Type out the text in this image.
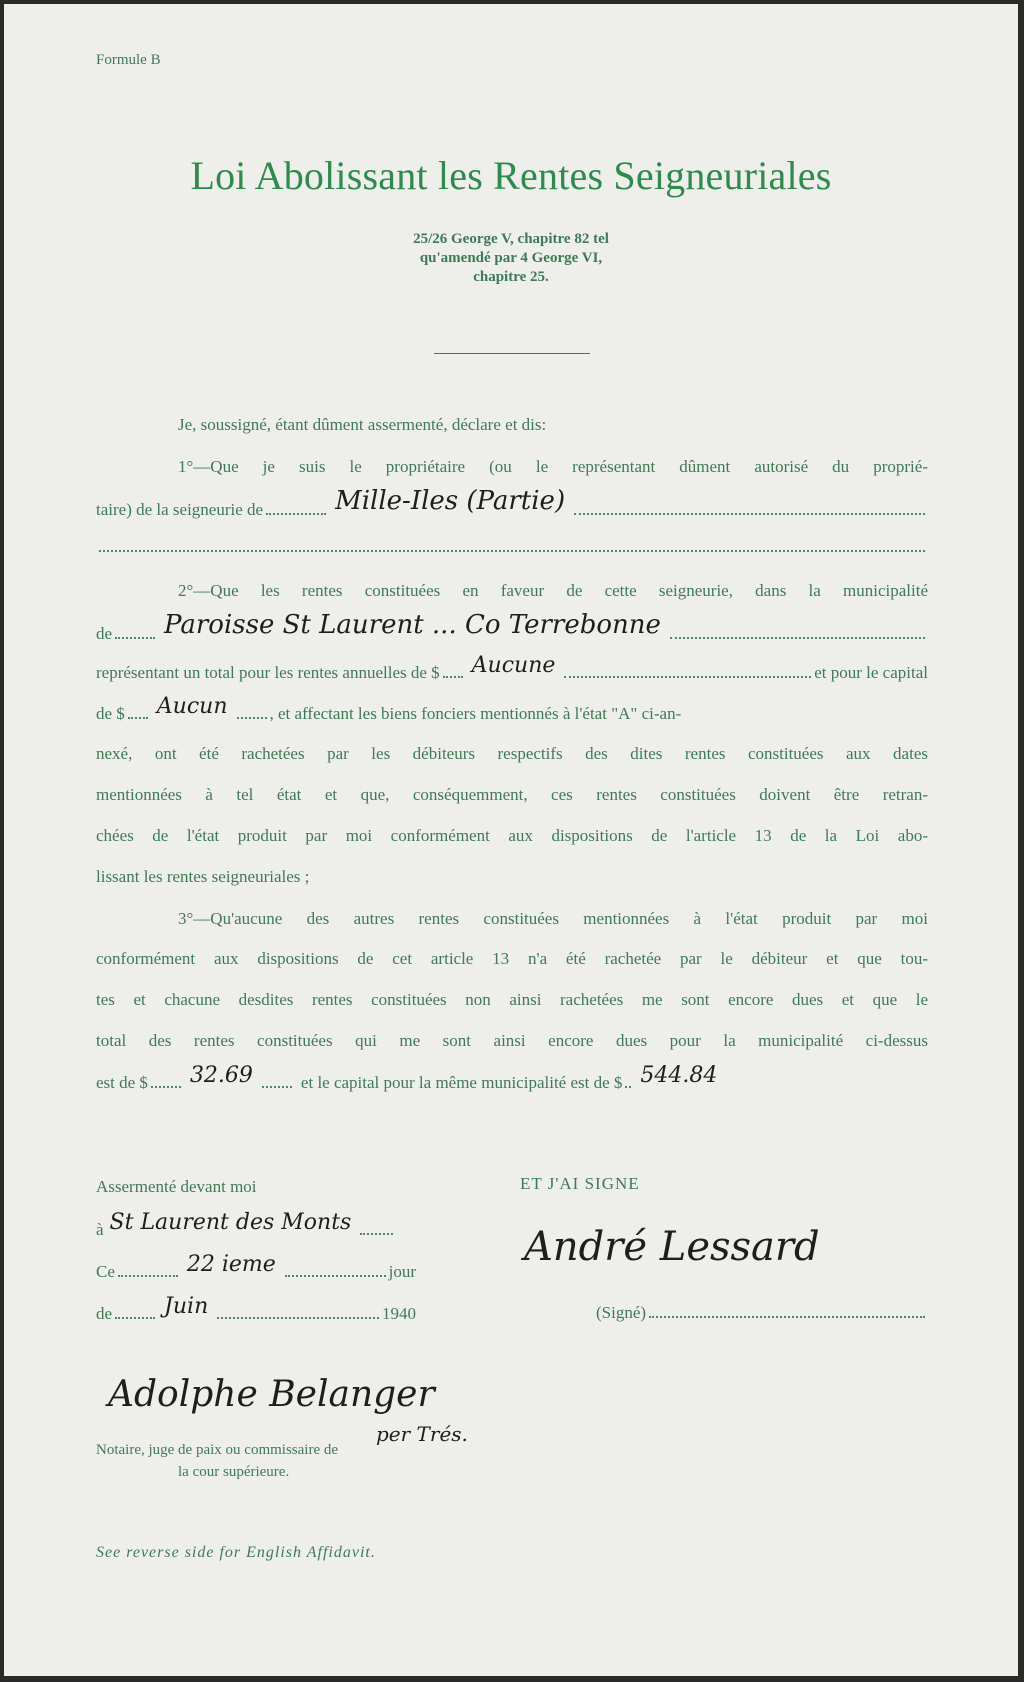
Formule B
Loi Abolissant les Rentes Seigneuriales
25/26 George V, chapitre 82 tel
qu'amendé par 4 George VI,
chapitre 25.
Je, soussigné, étant dûment assermenté, déclare et dis:
1°—Que je suis le propriétaire (ou le représentant dûment autorisé du proprié-
taire) de la seigneurie de	Mille-Iles (Partie)
2°—Que les rentes constituées en faveur de cette seigneurie, dans la municipalité
de Paroisse St Laurent ... Co Terrebonne
représentant un total pour les rentes annuelles de $ Aucune	et pour le capital
de $ Aucun	, et affectant les biens fonciers mentionnés à l'état "A" ci-an-
nexé, ont été rachetées par les débiteurs respectifs des dites rentes constituées aux dates
mentionnées à tel état et que, conséquemment, ces rentes constituées doivent être retran-
chées de l'état produit par moi conformément aux dispositions de l'article 13 de la Loi abo-
lissant les rentes seigneuriales ;
3°—Qu'aucune des autres rentes constituées mentionnées à l'état produit par moi
conformément aux dispositions de cet article 13 n'a été rachetée par le débiteur et que tou-
tes et chacune desdites rentes constituées non ainsi rachetées me sont encore dues et que le
total des rentes constituées qui me sont ainsi encore dues pour la municipalité ci-dessus
est de $ 32.69	et le capital pour la même municipalité est de $ 544.84
Assermenté devant moi
à St Laurent des Monts
Ce	22 ieme	jour
de Juin	1940
ET J'AI SIGNE
André Lessard
(Signé)
Adolphe Belanger
per Trés.
Notaire, juge de paix ou commissaire de
la cour supérieure.
See reverse side for English Affidavit.
